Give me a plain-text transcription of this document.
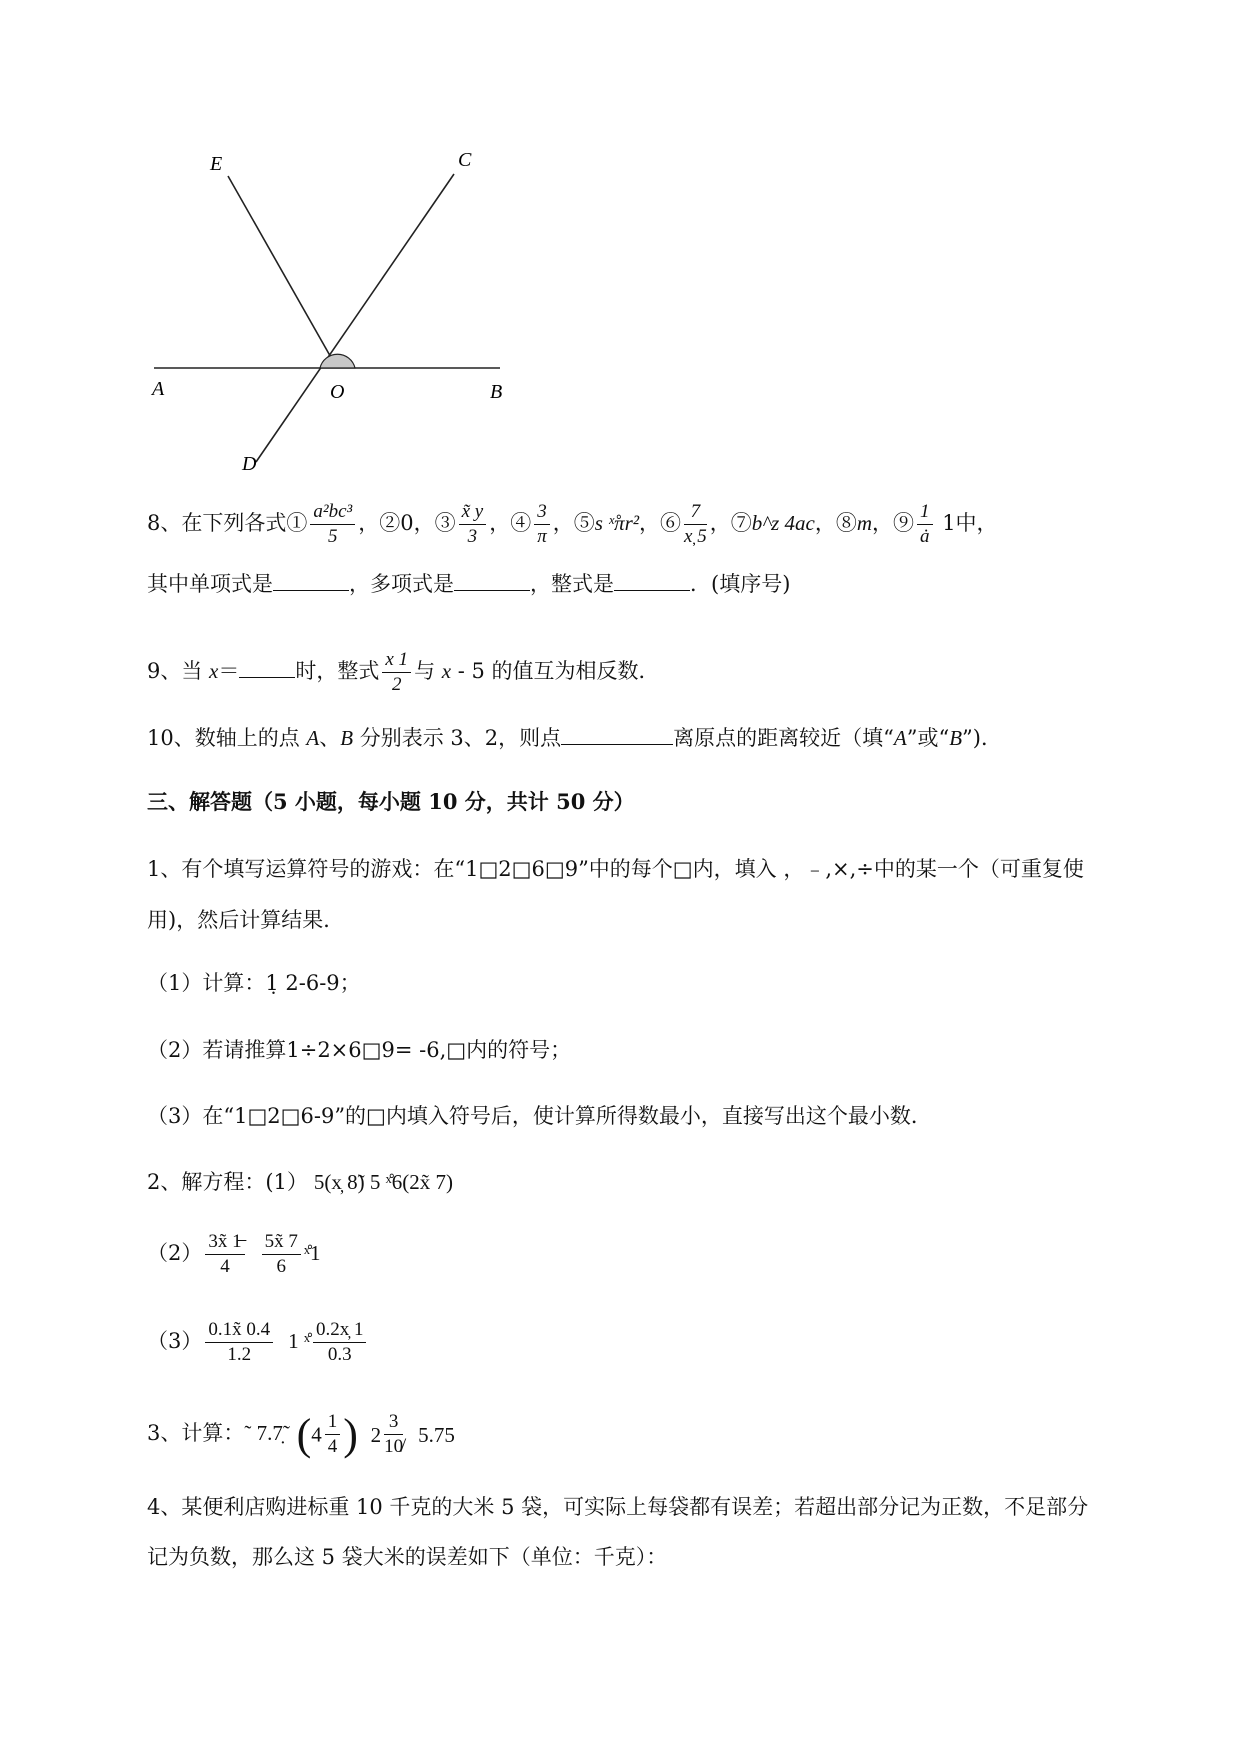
E	C
A	O	B
D
8、在下列各式① $\frac{\text{a²bc³}}{5}$ ，②0，③ $\frac{x̃ y}{3}$ ，④ $\frac{3}{\pi}$ ，⑤s ˣ̊πr²，⑥ $\frac{7}{x̦ 5}$ ，⑦b^z 4ac，⑧m，⑨ $\frac{1}{ȧ} 1$中，
其中单项式是	，多项式是	，整式是	．(填序号)
9、当 x＝	时，整式 $\frac{x 1}{2}$ 与 x - 5 的值互为相反数．
10、数轴上的点 A、B 分别表示 3、2，则点	离原点的距离较近（填“A”或“B”)．
三、解答题（5 小题，每小题 10 分，共计 50 分）
1、有个填写运算符号的游戏：在“1□2□6□9”中的每个□内，填入 ，﹣,×,÷中的某一个（可重复使
用)，然后计算结果．
（1）计算：1̣ 2-6-9；
（2）若请推算1÷2×6□9= -6,□内的符号；
（3）在“1□2□6-9”的□内填入符号后，使计算所得数最小，直接写出这个最小数．
2、解方程：(1） 5(x̦ 8̃) 5 ˣ̊6(2x̃ 7)
$(2) \frac{3x̃ 1̶}{4} \frac{5x̃ 7}{6}$ ˣ̊1
$(3) \frac{0.1x̃ 0.4}{1.2} 1$ ˣ̊ $\frac{0.2x̦ 1}{0.3}$
3、计算：˜ 7.7̣˜ ($4 \frac{1}{4}$ ) $2 \frac{3}{10̸} 5.75$
4、某便利店购进标重 10 千克的大米 5 袋，可实际上每袋都有误差；若超出部分记为正数，不足部分
记为负数，那么这 5 袋大米的误差如下（单位：千克）：
